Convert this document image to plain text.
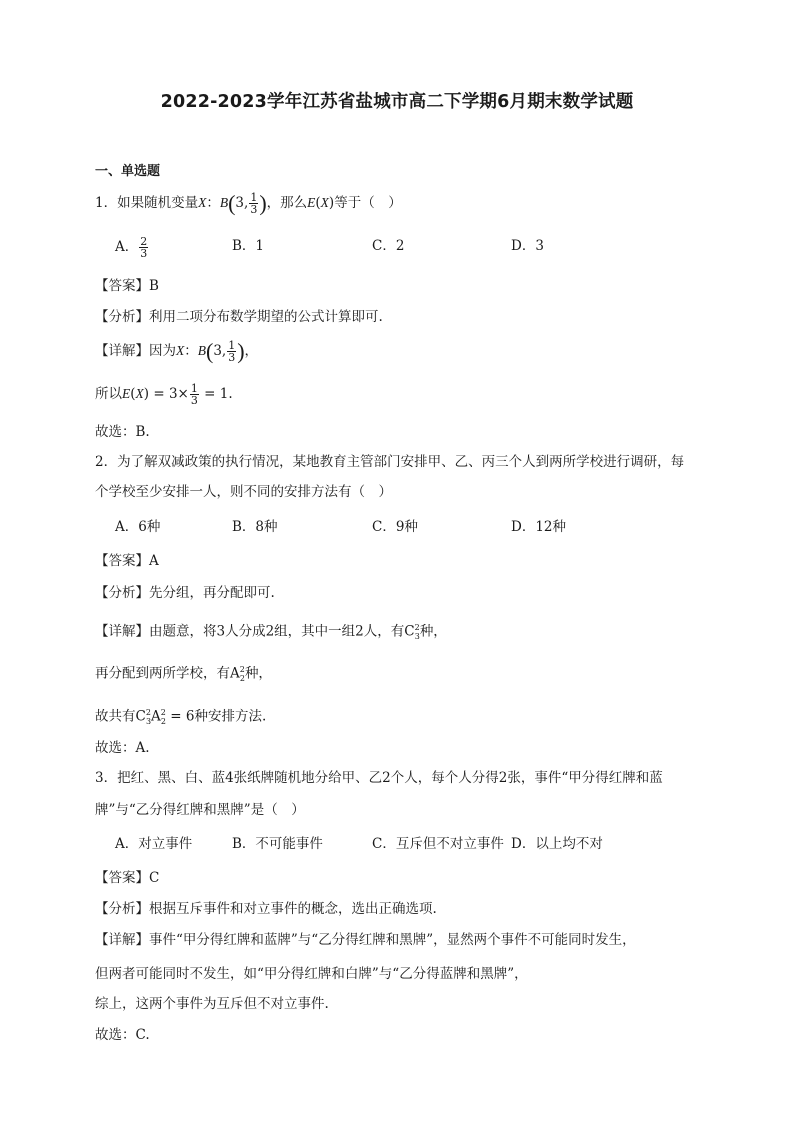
2022-2023学年江苏省盐城市高二下学期6月期末数学试题
一、单选题
1．如果随机变量X：B(3, $\frac{1}{3}$ )，那么E(X)等于（　）
A． $\frac{2}{3}$	B．1	C．2	D．3
【答案】B
【分析】利用二项分布数学期望的公式计算即可.
【详解】因为X：B(3, $\frac{1}{3}$ )，
所以$E(X) = 3\times \frac{1}{3} = 1$.
故选：B.
2．为了解双减政策的执行情况，某地教育主管部门安排甲、乙、丙三个人到两所学校进行调研，每
个学校至少安排一人，则不同的安排方法有（　）
A．6种	B．8种	C．9种	D．12种
【答案】A
【分析】先分组，再分配即可.
【详解】由题意，将3人分成2组，其中一组2人，有$C^2_3$种，
再分配到两所学校，有$A^2_2$种，
故共有$C^2_3A^2_2 = 6$种安排方法.
故选：A.
3．把红、黑、白、蓝4张纸牌随机地分给甲、乙2个人，每个人分得2张，事件“甲分得红牌和蓝
牌”与“乙分得红牌和黑牌”是（　）
A．对立事件	B．不可能事件	C．互斥但不对立事件 D．以上均不对
【答案】C
【分析】根据互斥事件和对立事件的概念，选出正确选项.
【详解】事件“甲分得红牌和蓝牌”与“乙分得红牌和黑牌”，显然两个事件不可能同时发生，
但两者可能同时不发生，如“甲分得红牌和白牌”与“乙分得蓝牌和黑牌”，
综上，这两个事件为互斥但不对立事件.
故选：C.
